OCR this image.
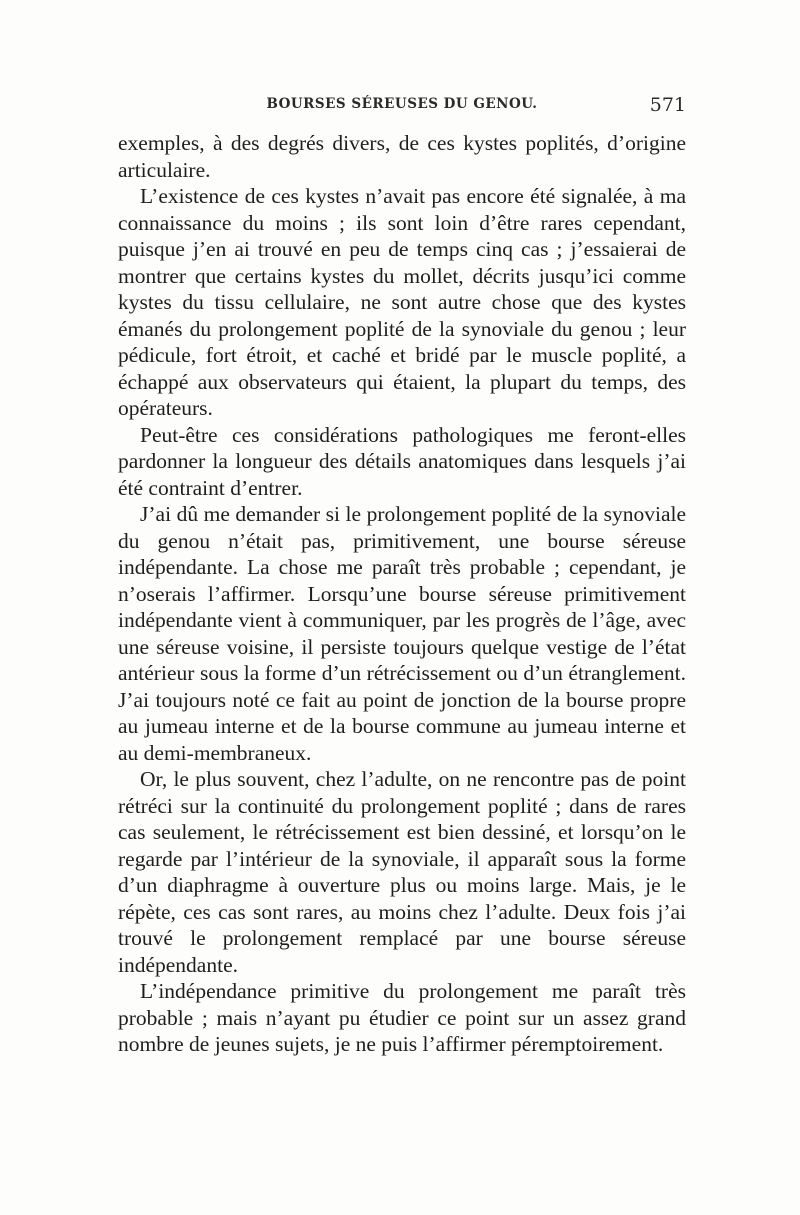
BOURSES SÉREUSES DU GENOU.	571

exemples, à des degrés divers, de ces kystes poplités, d’origine articulaire.

L’existence de ces kystes n’avait pas encore été signalée, à ma connaissance du moins ; ils sont loin d’être rares cependant, puisque j’en ai trouvé en peu de temps cinq cas ; j’essaierai de montrer que certains kystes du mollet, décrits jusqu’ici comme kystes du tissu cellulaire, ne sont autre chose que des kystes émanés du prolongement poplité de la synoviale du genou ; leur pédicule, fort étroit, et caché et bridé par le muscle poplité, a échappé aux observateurs qui étaient, la plupart du temps, des opérateurs.

Peut-être ces considérations pathologiques me feront-elles pardonner la longueur des détails anatomiques dans lesquels j’ai été contraint d’entrer.

J’ai dû me demander si le prolongement poplité de la synoviale du genou n’était pas, primitivement, une bourse séreuse indépendante. La chose me paraît très probable ; cependant, je n’oserais l’affirmer. Lorsqu’une bourse séreuse primitivement indépendante vient à communiquer, par les progrès de l’âge, avec une séreuse voisine, il persiste toujours quelque vestige de l’état antérieur sous la forme d’un rétrécissement ou d’un étranglement. J’ai toujours noté ce fait au point de jonction de la bourse propre au jumeau interne et de la bourse commune au jumeau interne et au demi-membraneux.

Or, le plus souvent, chez l’adulte, on ne rencontre pas de point rétréci sur la continuité du prolongement poplité ; dans de rares cas seulement, le rétrécissement est bien dessiné, et lorsqu’on le regarde par l’intérieur de la synoviale, il apparaît sous la forme d’un diaphragme à ouverture plus ou moins large. Mais, je le répète, ces cas sont rares, au moins chez l’adulte. Deux fois j’ai trouvé le prolongement remplacé par une bourse séreuse indépendante.

L’indépendance primitive du prolongement me paraît très probable ; mais n’ayant pu étudier ce point sur un assez grand nombre de jeunes sujets, je ne puis l’affirmer péremptoirement.
